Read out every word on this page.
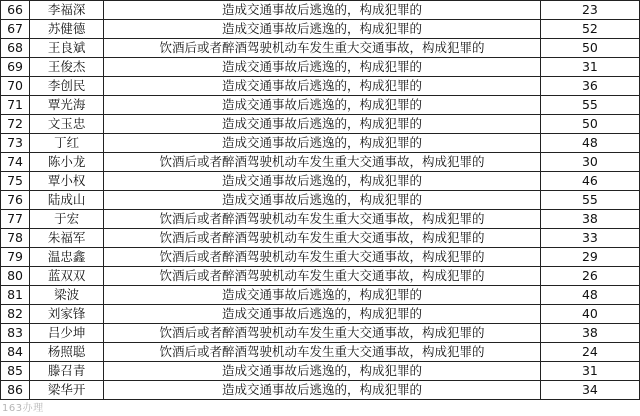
66	李福深	造成交通事故后逃逸的，构成犯罪的	23
67	苏健德	造成交通事故后逃逸的，构成犯罪的	52
68	王良斌	饮酒后或者醉酒驾驶机动车发生重大交通事故，构成犯罪的	50
69	王俊杰	造成交通事故后逃逸的，构成犯罪的	31
70	李创民	造成交通事故后逃逸的，构成犯罪的	36
71	覃光海	造成交通事故后逃逸的，构成犯罪的	55
72	文玉忠	造成交通事故后逃逸的，构成犯罪的	50
73	丁红	造成交通事故后逃逸的，构成犯罪的	48
74	陈小龙	饮酒后或者醉酒驾驶机动车发生重大交通事故，构成犯罪的	30
75	覃小权	造成交通事故后逃逸的，构成犯罪的	46
76	陆成山	造成交通事故后逃逸的，构成犯罪的	55
77	于宏	饮酒后或者醉酒驾驶机动车发生重大交通事故，构成犯罪的	38
78	朱福军	饮酒后或者醉酒驾驶机动车发生重大交通事故，构成犯罪的	33
79	温忠鑫	饮酒后或者醉酒驾驶机动车发生重大交通事故，构成犯罪的	29
80	蓝双双	饮酒后或者醉酒驾驶机动车发生重大交通事故，构成犯罪的	26
81	梁波	造成交通事故后逃逸的，构成犯罪的	48
82	刘家锋	造成交通事故后逃逸的，构成犯罪的	40
83	吕少坤	饮酒后或者醉酒驾驶机动车发生重大交通事故，构成犯罪的	38
84	杨照聪	饮酒后或者醉酒驾驶机动车发生重大交通事故，构成犯罪的	24
85	滕召青	造成交通事故后逃逸的，构成犯罪的	31
86	梁华开	造成交通事故后逃逸的，构成犯罪的	34
163办理
